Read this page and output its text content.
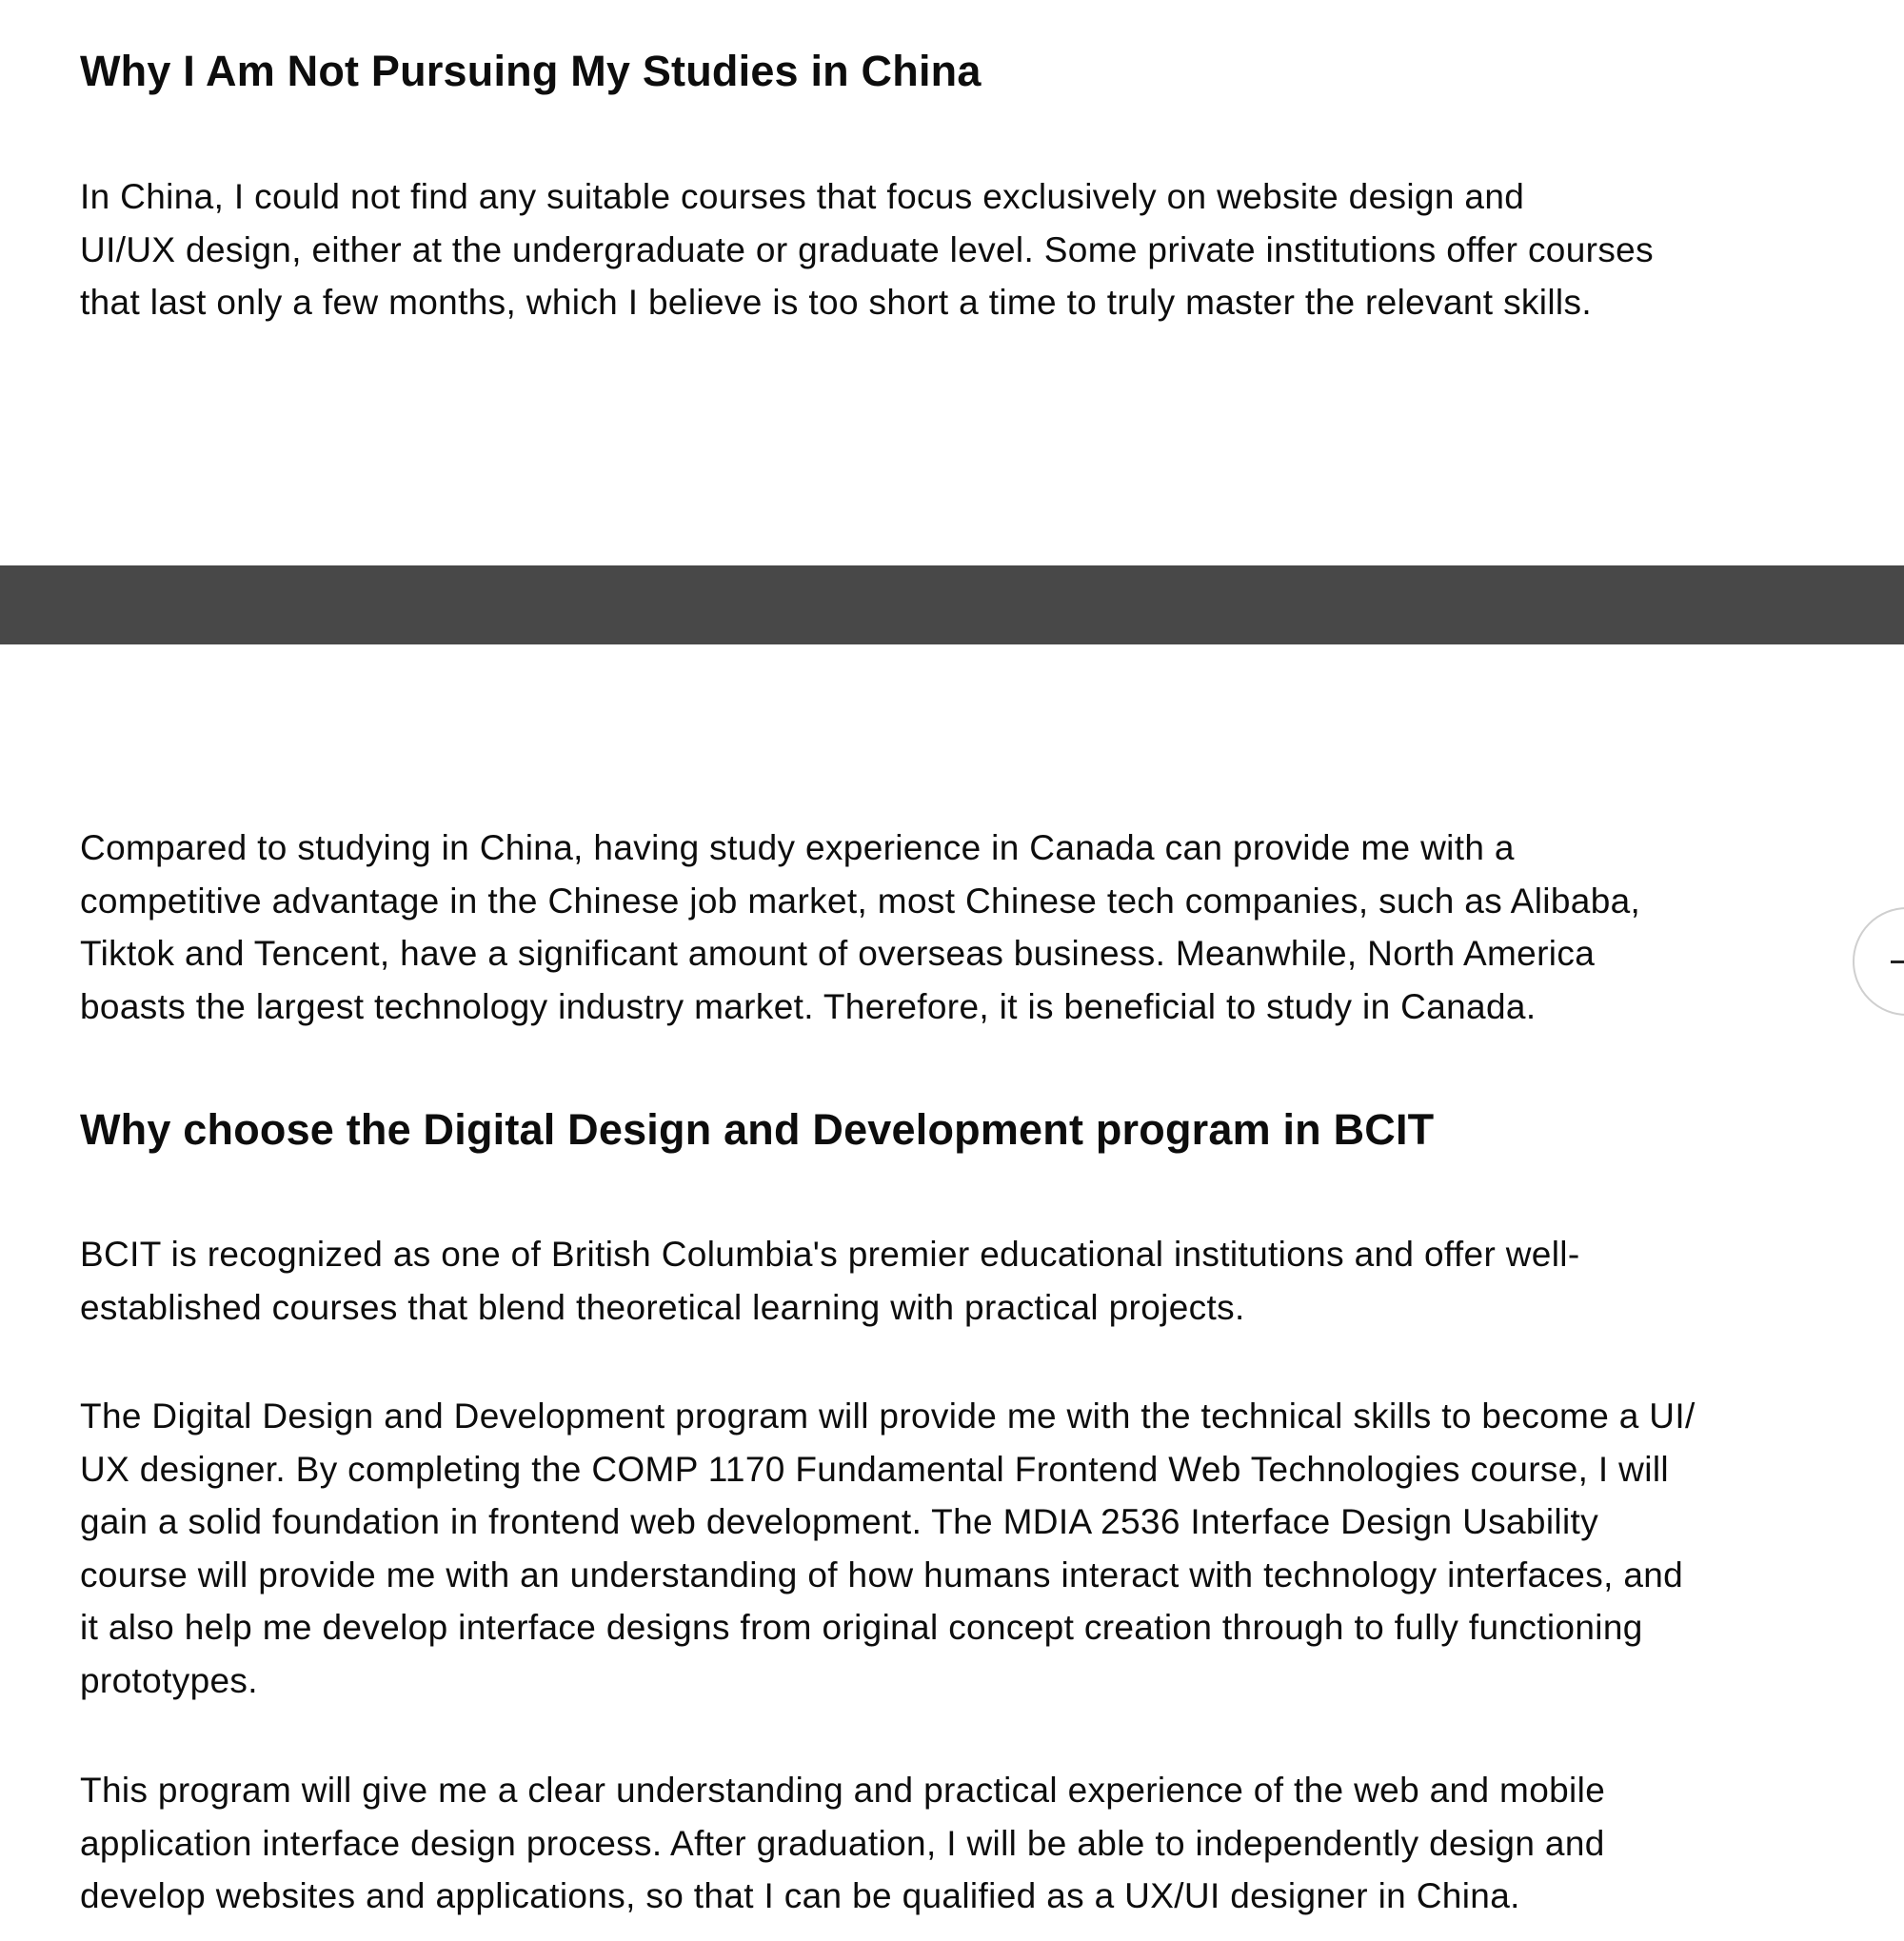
Why I Am Not Pursuing My Studies in China

In China, I could not find any suitable courses that focus exclusively on website design and
UI/UX design, either at the undergraduate or graduate level. Some private institutions offer courses
that last only a few months, which I believe is too short a time to truly master the relevant skills.

Compared to studying in China, having study experience in Canada can provide me with a
competitive advantage in the Chinese job market, most Chinese tech companies, such as Alibaba,
Tiktok and Tencent, have a significant amount of overseas business. Meanwhile, North America
boasts the largest technology industry market. Therefore, it is beneficial to study in Canada.

Why choose the Digital Design and Development program in BCIT

BCIT is recognized as one of British Columbia's premier educational institutions and offer well-
established courses that blend theoretical learning with practical projects.

The Digital Design and Development program will provide me with the technical skills to become a UI/
UX designer. By completing the COMP 1170 Fundamental Frontend Web Technologies course, I will
gain a solid foundation in frontend web development. The MDIA 2536 Interface Design Usability
course will provide me with an understanding of how humans interact with technology interfaces, and
it also help me develop interface designs from original concept creation through to fully functioning
prototypes.

This program will give me a clear understanding and practical experience of the web and mobile
application interface design process. After graduation, I will be able to independently design and
develop websites and applications, so that I can be qualified as a UX/UI designer in China.
